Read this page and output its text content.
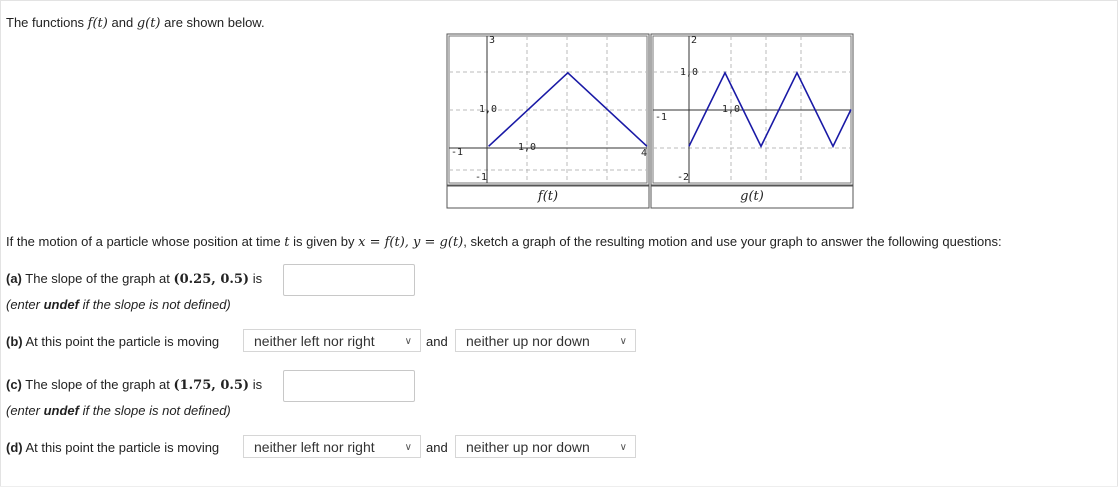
The functions f(t) and g(t) are shown below.
3
1,0
1,0
-1
-1
4
2
1,0
1,0
-1
-2
f(t)	g(t)
If the motion of a particle whose position at time t is given by x = f(t), y = g(t), sketch a graph of the resulting motion and use your graph to answer the following questions:
(a) The slope of the graph at (0.25, 0.5) is
(enter undef if the slope is not defined)
(b) At this point the particle is moving	neither left nor right	∨ and	neither up nor down	∨
(c) The slope of the graph at (1.75, 0.5) is
(enter undef if the slope is not defined)
(d) At this point the particle is moving	neither left nor right	∨ and	neither up nor down	∨
